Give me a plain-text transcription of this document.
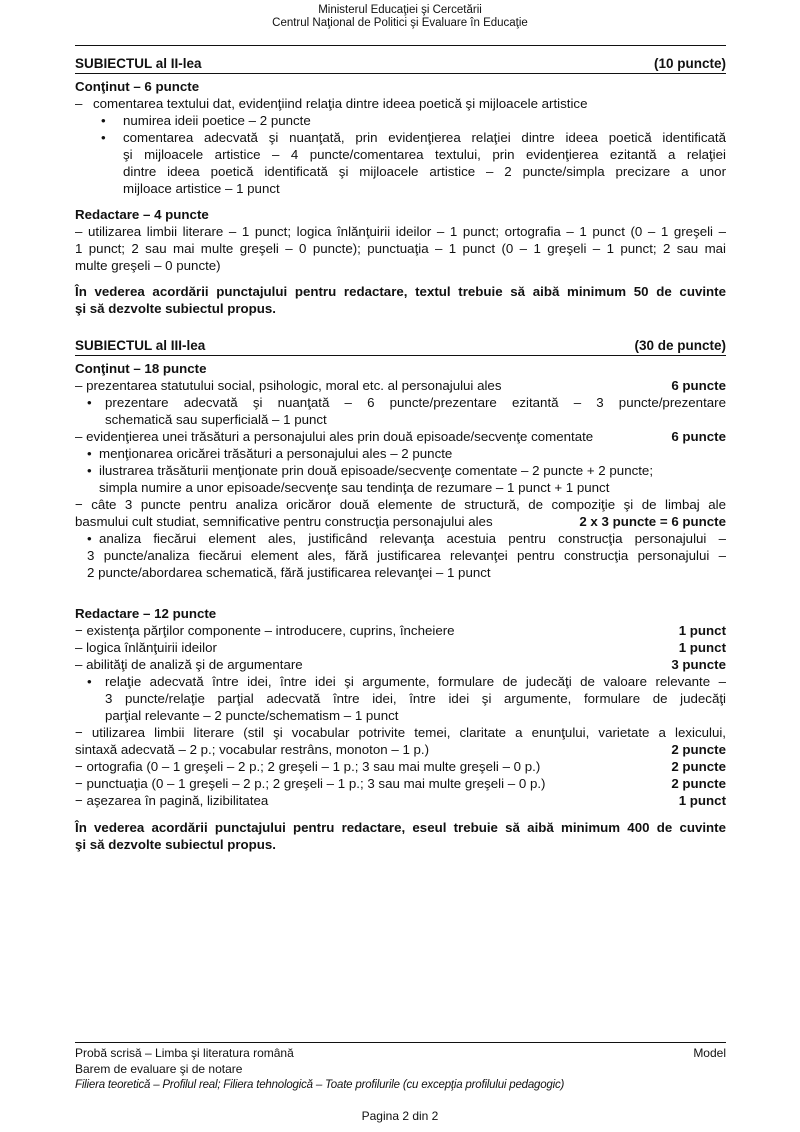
Ministerul Educaţiei şi Cercetării
Centrul Naţional de Politici şi Evaluare în Educaţie
SUBIECTUL al II-lea	(10 puncte)
Conţinut – 6 puncte
– comentarea textului dat, evidenţiind relaţia dintre ideea poetică şi mijloacele artistice
• numirea ideii poetice – 2 puncte
• comentarea adecvată şi nuanţată, prin evidenţierea relaţiei dintre ideea poetică identificată
şi mijloacele artistice – 4 puncte/comentarea textului, prin evidenţierea ezitantă a relaţiei
dintre ideea poetică identificată şi mijloacele artistice – 2 puncte/simpla precizare a unor
mijloace artistice – 1 punct
Redactare – 4 puncte
– utilizarea limbii literare – 1 punct; logica înlănţuirii ideilor – 1 punct; ortografia – 1 punct (0 – 1 greşeli –
1 punct; 2 sau mai multe greşeli – 0 puncte); punctuaţia – 1 punct (0 – 1 greşeli – 1 punct; 2 sau mai
multe greşeli – 0 puncte)
În vederea acordării punctajului pentru redactare, textul trebuie să aibă minimum 50 de cuvinte
şi să dezvolte subiectul propus.
SUBIECTUL al III-lea	(30 de puncte)
Conţinut – 18 puncte
– prezentarea statutului social, psihologic, moral etc. al personajului ales	6 puncte
• prezentare adecvată şi nuanţată – 6 puncte/prezentare ezitantă – 3 puncte/prezentare
schematică sau superficială – 1 punct
– evidenţierea unei trăsături a personajului ales prin două episoade/secvenţe comentate	6 puncte
• menţionarea oricărei trăsături a personajului ales – 2 puncte
• ilustrarea trăsăturii menţionate prin două episoade/secvenţe comentate – 2 puncte + 2 puncte;
simpla numire a unor episoade/secvenţe sau tendinţa de rezumare – 1 punct + 1 punct
− câte 3 puncte pentru analiza oricăror două elemente de structură, de compoziţie şi de limbaj ale
basmului cult studiat, semnificative pentru construcţia personajului ales	2 x 3 puncte = 6 puncte
• analiza fiecărui element ales, justificând relevanţa acestuia pentru construcţia personajului –
3 puncte/analiza fiecărui element ales, fără justificarea relevanţei pentru construcţia personajului –
2 puncte/abordarea schematică, fără justificarea relevanţei – 1 punct
Redactare – 12 puncte
− existenţa părţilor componente – introducere, cuprins, încheiere	1 punct
– logica înlănţuirii ideilor	1 punct
– abilităţi de analiză şi de argumentare	3 puncte
• relaţie adecvată între idei, între idei şi argumente, formulare de judecăţi de valoare relevante –
3 puncte/relaţie parţial adecvată între idei, între idei şi argumente, formulare de judecăţi
parţial relevante – 2 puncte/schematism – 1 punct
− utilizarea limbii literare (stil şi vocabular potrivite temei, claritate a enunţului, varietate a lexicului,
sintaxă adecvată – 2 p.; vocabular restrâns, monoton – 1 p.)	2 puncte
− ortografia (0 – 1 greşeli – 2 p.; 2 greşeli – 1 p.; 3 sau mai multe greşeli – 0 p.)	2 puncte
− punctuaţia (0 – 1 greşeli – 2 p.; 2 greşeli – 1 p.; 3 sau mai multe greşeli – 0 p.)	2 puncte
− aşezarea în pagină, lizibilitatea	1 punct
În vederea acordării punctajului pentru redactare, eseul trebuie să aibă minimum 400 de cuvinte
şi să dezvolte subiectul propus.
Probă scrisă – Limba şi literatura română	Model
Barem de evaluare şi de notare
Filiera teoretică – Profilul real; Filiera tehnologică – Toate profilurile (cu excepţia profilului pedagogic)
Pagina 2 din 2
